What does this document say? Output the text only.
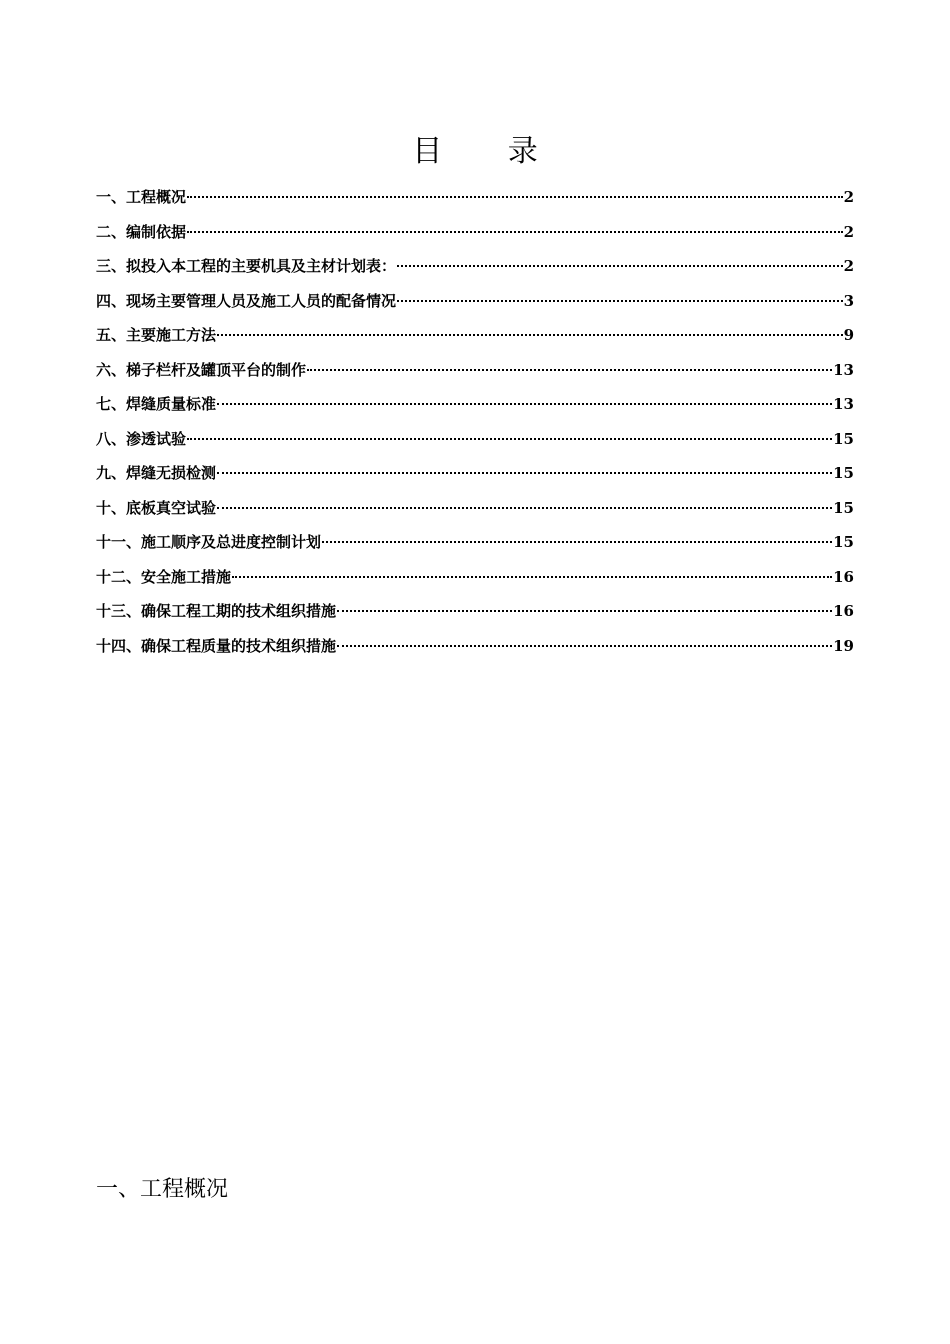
目 录
一、工程概况	2
二、编制依据	2
三、拟投入本工程的主要机具及主材计划表：	2
四、现场主要管理人员及施工人员的配备情况	3
五、主要施工方法	9
六、梯子栏杆及罐顶平台的制作	13
七、焊缝质量标准	13
八、渗透试验	15
九、焊缝无损检测	15
十、底板真空试验	15
十一、施工顺序及总进度控制计划	15
十二、安全施工措施	16
十三、确保工程工期的技术组织措施	16
十四、确保工程质量的技术组织措施	19
一、工程概况
